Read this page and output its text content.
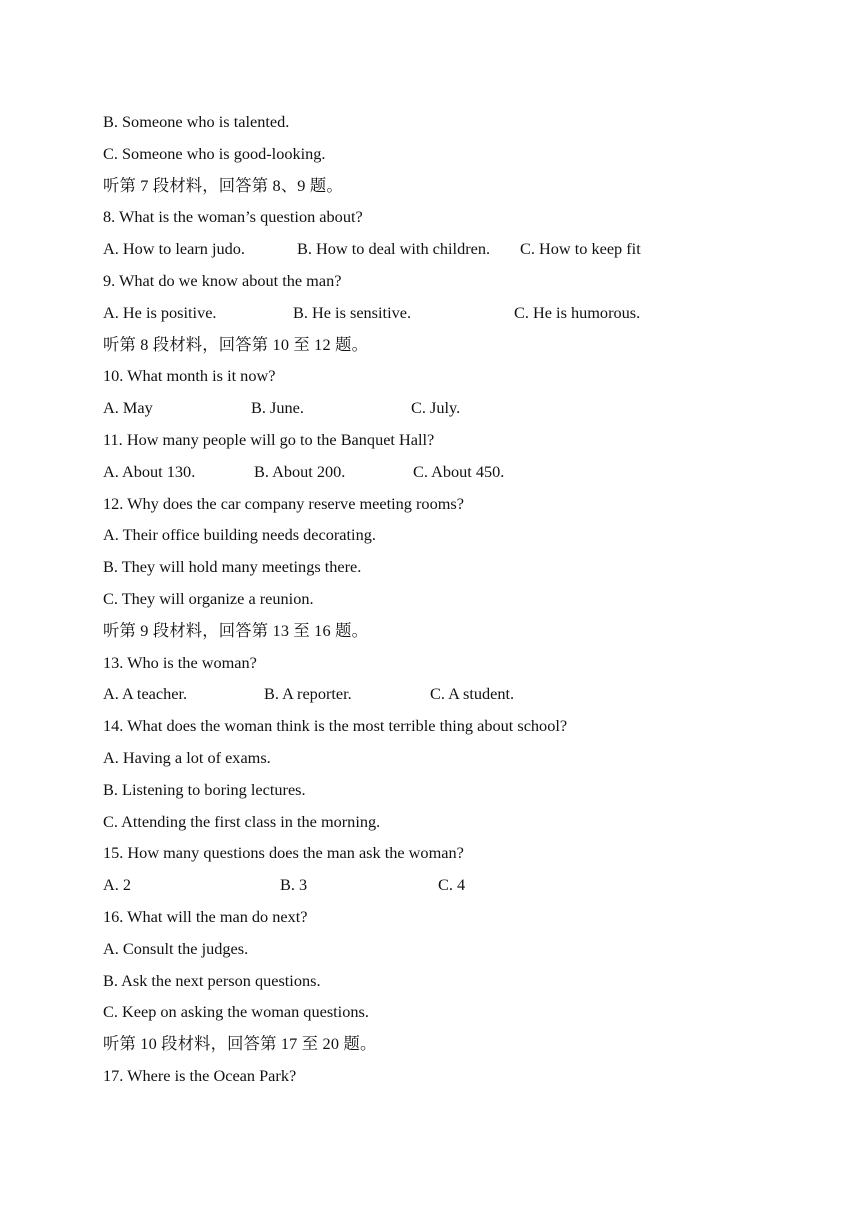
B. Someone who is talented.
C. Someone who is good-looking.
听第 7 段材料，回答第 8、9 题。
8. What is the woman’s question about?
A. How to learn judo.	B. How to deal with children. C. How to keep fit
9. What do we know about the man?
A. He is positive.	B. He is sensitive.	C. He is humorous.
听第 8 段材料，回答第 10 至 12 题。
10. What month is it now?
A. May	B. June.	C. July.
11. How many people will go to the Banquet Hall?
A. About 130.	B. About 200.	C. About 450.
12. Why does the car company reserve meeting rooms?
A. Their office building needs decorating.
B. They will hold many meetings there.
C. They will organize a reunion.
听第 9 段材料，回答第 13 至 16 题。
13. Who is the woman?
A. A teacher.	B. A reporter.	C. A student.
14. What does the woman think is the most terrible thing about school?
A. Having a lot of exams.
B. Listening to boring lectures.
C. Attending the first class in the morning.
15. How many questions does the man ask the woman?
A. 2	B. 3	C. 4
16. What will the man do next?
A. Consult the judges.
B. Ask the next person questions.
C. Keep on asking the woman questions.
听第 10 段材料，回答第 17 至 20 题。
17. Where is the Ocean Park?
